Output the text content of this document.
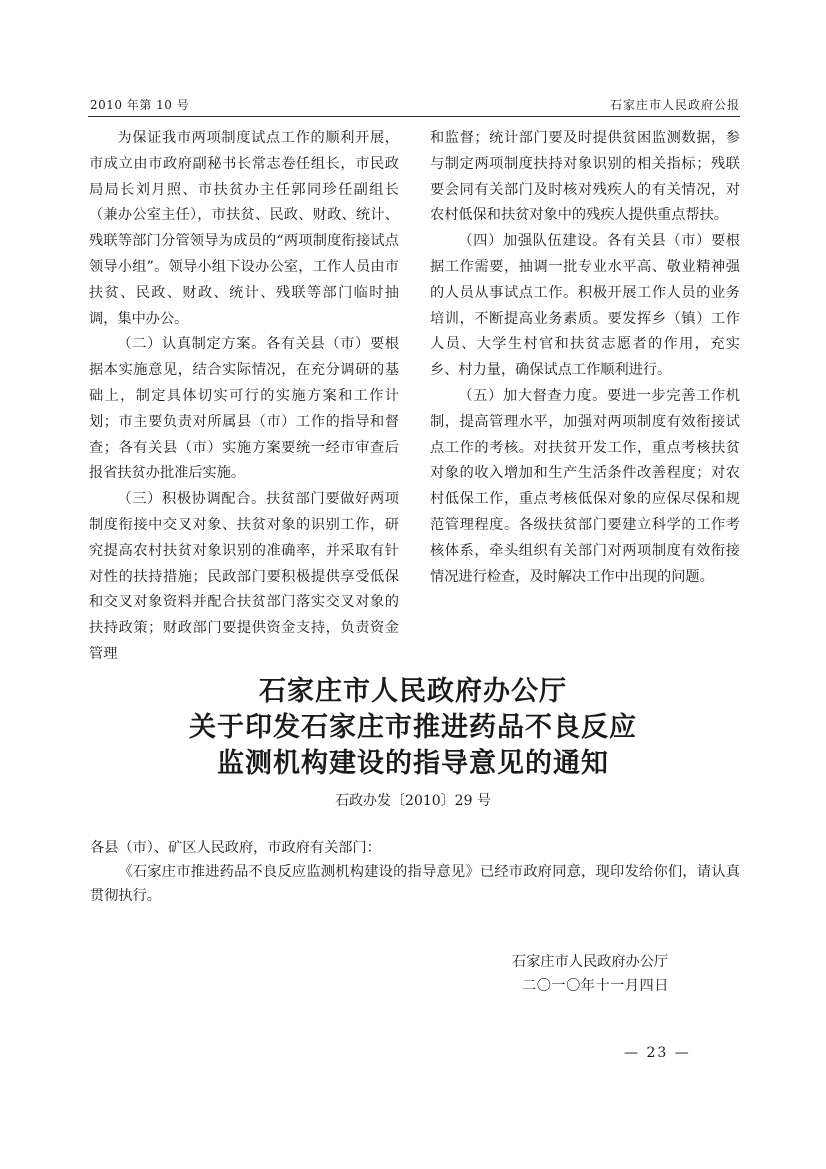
2010 年第 10 号	石家庄市人民政府公报

为保证我市两项制度试点工作的顺利开展，市成立由市政府副秘书长常志卷任组长，市民政局局长刘月照、市扶贫办主任郭同珍任副组长（兼办公室主任），市扶贫、民政、财政、统计、残联等部门分管领导为成员的“两项制度衔接试点领导小组”。领导小组下设办公室，工作人员由市扶贫、民政、财政、统计、残联等部门临时抽调，集中办公。

（二）认真制定方案。各有关县（市）要根据本实施意见，结合实际情况，在充分调研的基础上，制定具体切实可行的实施方案和工作计划；市主要负责对所属县（市）工作的指导和督查；各有关县（市）实施方案要统一经市审查后报省扶贫办批准后实施。

（三）积极协调配合。扶贫部门要做好两项制度衔接中交叉对象、扶贫对象的识别工作，研究提高农村扶贫对象识别的准确率，并采取有针对性的扶持措施；民政部门要积极提供享受低保和交叉对象资料并配合扶贫部门落实交叉对象的扶持政策；财政部门要提供资金支持，负责资金管理

和监督；统计部门要及时提供贫困监测数据，参与制定两项制度扶持对象识别的相关指标；残联要会同有关部门及时核对残疾人的有关情况，对农村低保和扶贫对象中的残疾人提供重点帮扶。

（四）加强队伍建设。各有关县（市）要根据工作需要，抽调一批专业水平高、敬业精神强的人员从事试点工作。积极开展工作人员的业务培训，不断提高业务素质。要发挥乡（镇）工作人员、大学生村官和扶贫志愿者的作用，充实乡、村力量，确保试点工作顺利进行。

（五）加大督查力度。要进一步完善工作机制，提高管理水平，加强对两项制度有效衔接试点工作的考核。对扶贫开发工作，重点考核扶贫对象的收入增加和生产生活条件改善程度；对农村低保工作，重点考核低保对象的应保尽保和规范管理程度。各级扶贫部门要建立科学的工作考核体系，牵头组织有关部门对两项制度有效衔接情况进行检查，及时解决工作中出现的问题。

石家庄市人民政府办公厅
关于印发石家庄市推进药品不良反应
监测机构建设的指导意见的通知
石政办发〔2010〕29 号

各县（市）、矿区人民政府，市政府有关部门：

《石家庄市推进药品不良反应监测机构建设的指导意见》已经市政府同意，现印发给你们，请认真贯彻执行。

石家庄市人民政府办公厅
二〇一〇年十一月四日
— 23 —
